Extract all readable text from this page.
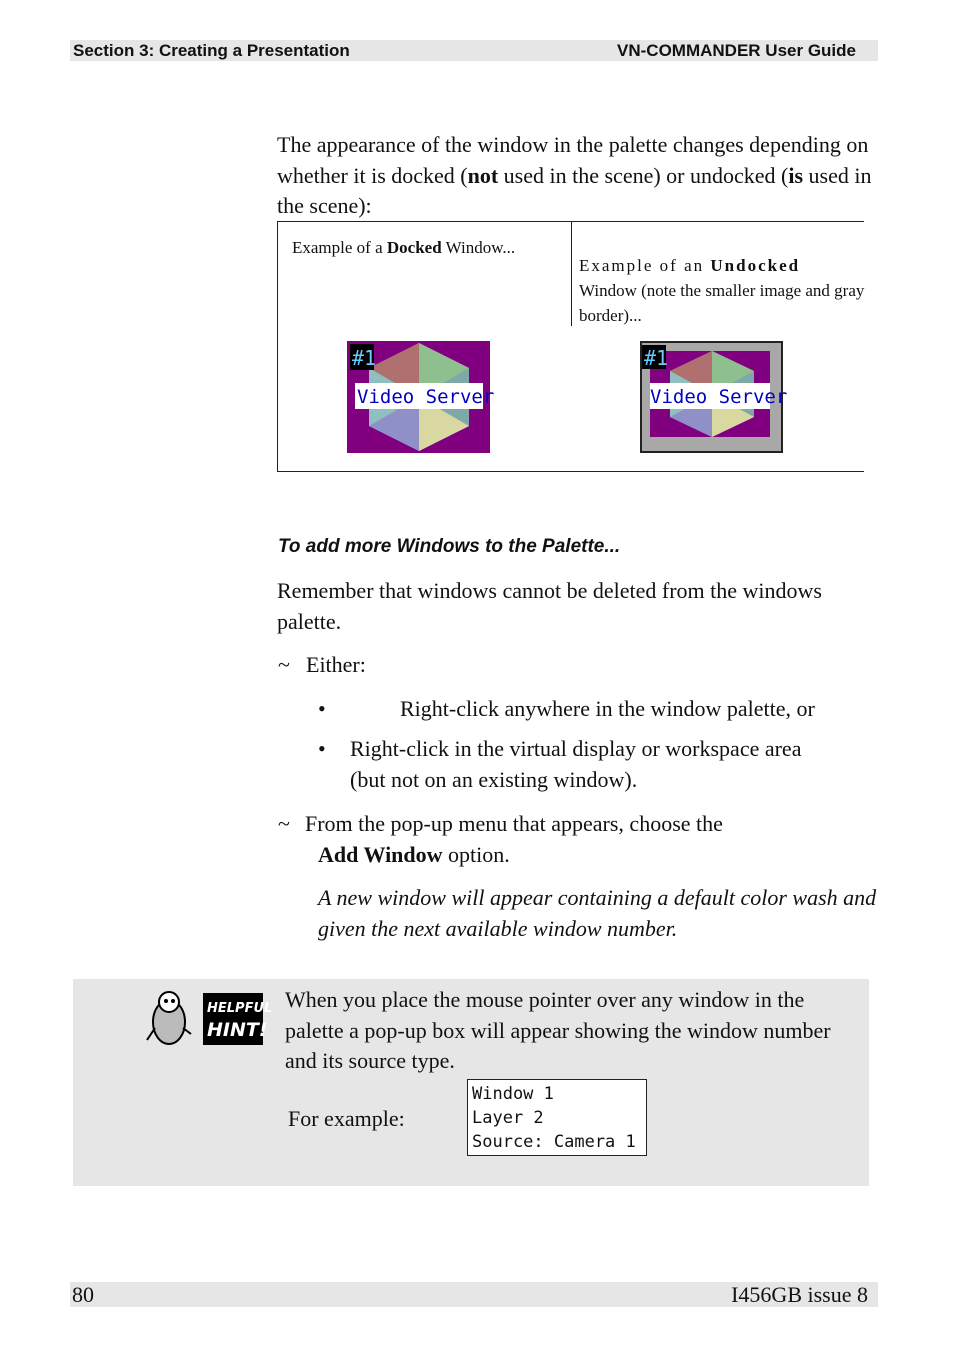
Section 3: Creating a Presentation	VN-COMMANDER User Guide
The appearance of the window in the palette changes depending on whether it is docked (not used in the scene) or undocked (is used in the scene):
Example of a Docked Window...
Example of an Undocked
Window (note the smaller image and gray border)...
#1
Video Server
#1
Video Server
To add more Windows to the Palette...
Remember that windows cannot be deleted from the windows palette.
~ Either:
•	Right-click anywhere in the window palette, or
• Right-click in the virtual display or workspace area (but not on an existing window).
~ From the pop-up menu that appears, choose the
Add Window option.
A new window will appear containing a default color wash and given the next available window number.
HELPFUL
HINT!
When you place the mouse pointer over any window in the palette a pop-up box will appear showing the window number and its source type.
For example:
Window 1
Layer 2
Source: Camera 1
80	I456GB issue 8
